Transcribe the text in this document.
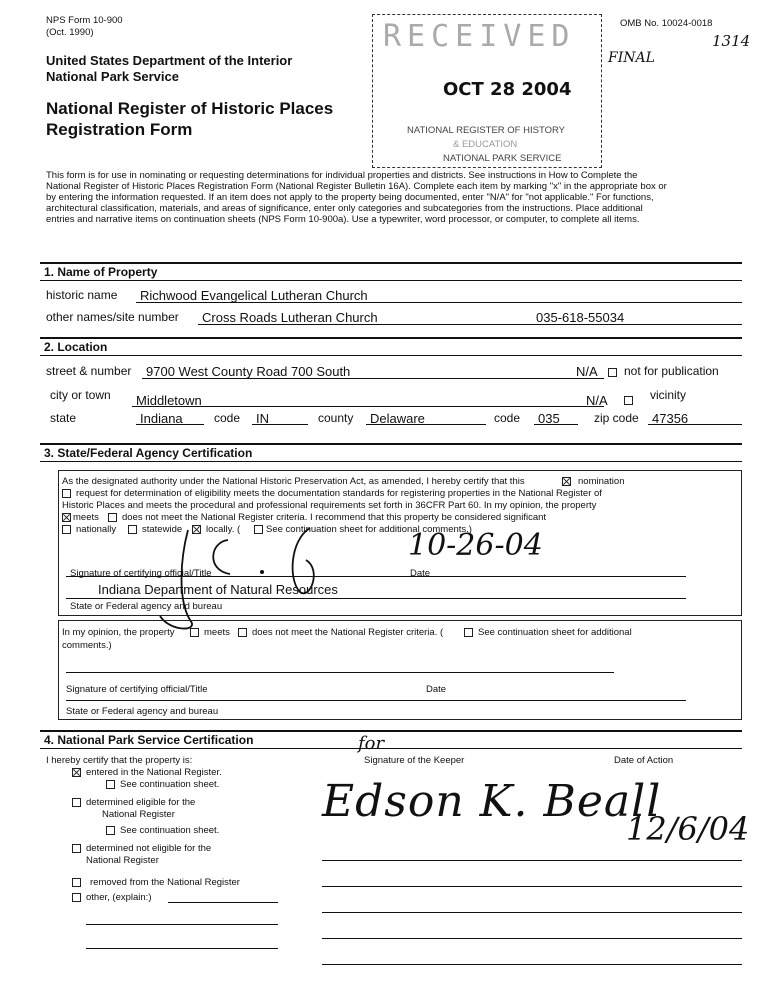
NPS Form 10-900
(Oct. 1990)
OMB No. 10024-0018
1314
FINAL
United States Department of the Interior
National Park Service
National Register of Historic Places
Registration Form
RECEIVED
OCT 28 2004
NATIONAL REGISTER OF HISTORY
& EDUCATION
NATIONAL PARK SERVICE
This form is for use in nominating or requesting determinations for individual properties and districts. See instructions in How to Complete the
National Register of Historic Places Registration Form (National Register Bulletin 16A). Complete each item by marking "x" in the appropriate box or
by entering the information requested. If an item does not apply to the property being documented, enter "N/A" for "not applicable." For functions,
architectural classification, materials, and areas of significance, enter only categories and subcategories from the instructions. Place additional
entries and narrative items on continuation sheets (NPS Form 10-900a). Use a typewriter, word processor, or computer, to complete all items.
1. Name of Property
historic name Richwood Evangelical Lutheran Church
other names/site number Cross Roads Lutheran Church	035-618-55034
2. Location
street & number 9700 West County Road 700 South	N/A not for publication
city or town Middletown	N/A	vicinity
state	Indiana	code IN	county Delaware	code 035	zip code 47356
3. State/Federal Agency Certification
As the designated authority under the National Historic Preservation Act, as amended, I hereby certify that this	nomination
request for determination of eligibility meets the documentation standards for registering properties in the National Register of
Historic Places and meets the procedural and professional requirements set forth in 36CFR Part 60. In my opinion, the property
meets does not meet the National Register criteria. I recommend that this property be considered significant
nationally	statewide	locally. (	See continuation sheet for additional comments.)
10-26-04
Signature of certifying official/Title	Date
Indiana Department of Natural Resources
State or Federal agency and bureau
In my opinion, the property	meets does not meet the National Register criteria. (	See continuation sheet for additional
comments.)
Signature of certifying official/Title	Date
State or Federal agency and bureau
4. National Park Service Certification
I hereby certify that the property is:
entered in the National Register.
See continuation sheet.
determined eligible for the
National Register
See continuation sheet.
determined not eligible for the
National Register
removed from the National Register
other, (explain:)
Signature of the Keeper	Date of Action
for
Edson K. Beall
12/6/04
